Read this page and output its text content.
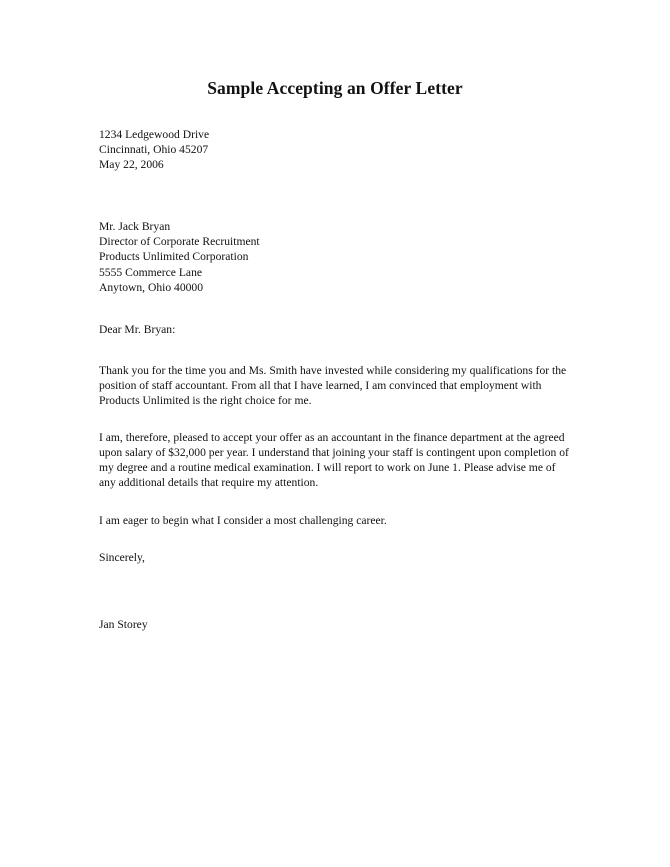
Sample Accepting an Offer Letter
1234 Ledgewood Drive
Cincinnati, Ohio 45207
May 22, 2006
Mr. Jack Bryan
Director of Corporate Recruitment
Products Unlimited Corporation
5555 Commerce Lane
Anytown, Ohio 40000
Dear Mr. Bryan:

Thank you for the time you and Ms. Smith have invested while considering my qualifications for the position of staff accountant. From all that I have learned, I am convinced that employment with Products Unlimited is the right choice for me.

I am, therefore, pleased to accept your offer as an accountant in the finance department at the agreed upon salary of $32,000 per year. I understand that joining your staff is contingent upon completion of my degree and a routine medical examination. I will report to work on June 1. Please advise me of any additional details that require my attention.

I am eager to begin what I consider a most challenging career.

Sincerely,
Jan Storey
